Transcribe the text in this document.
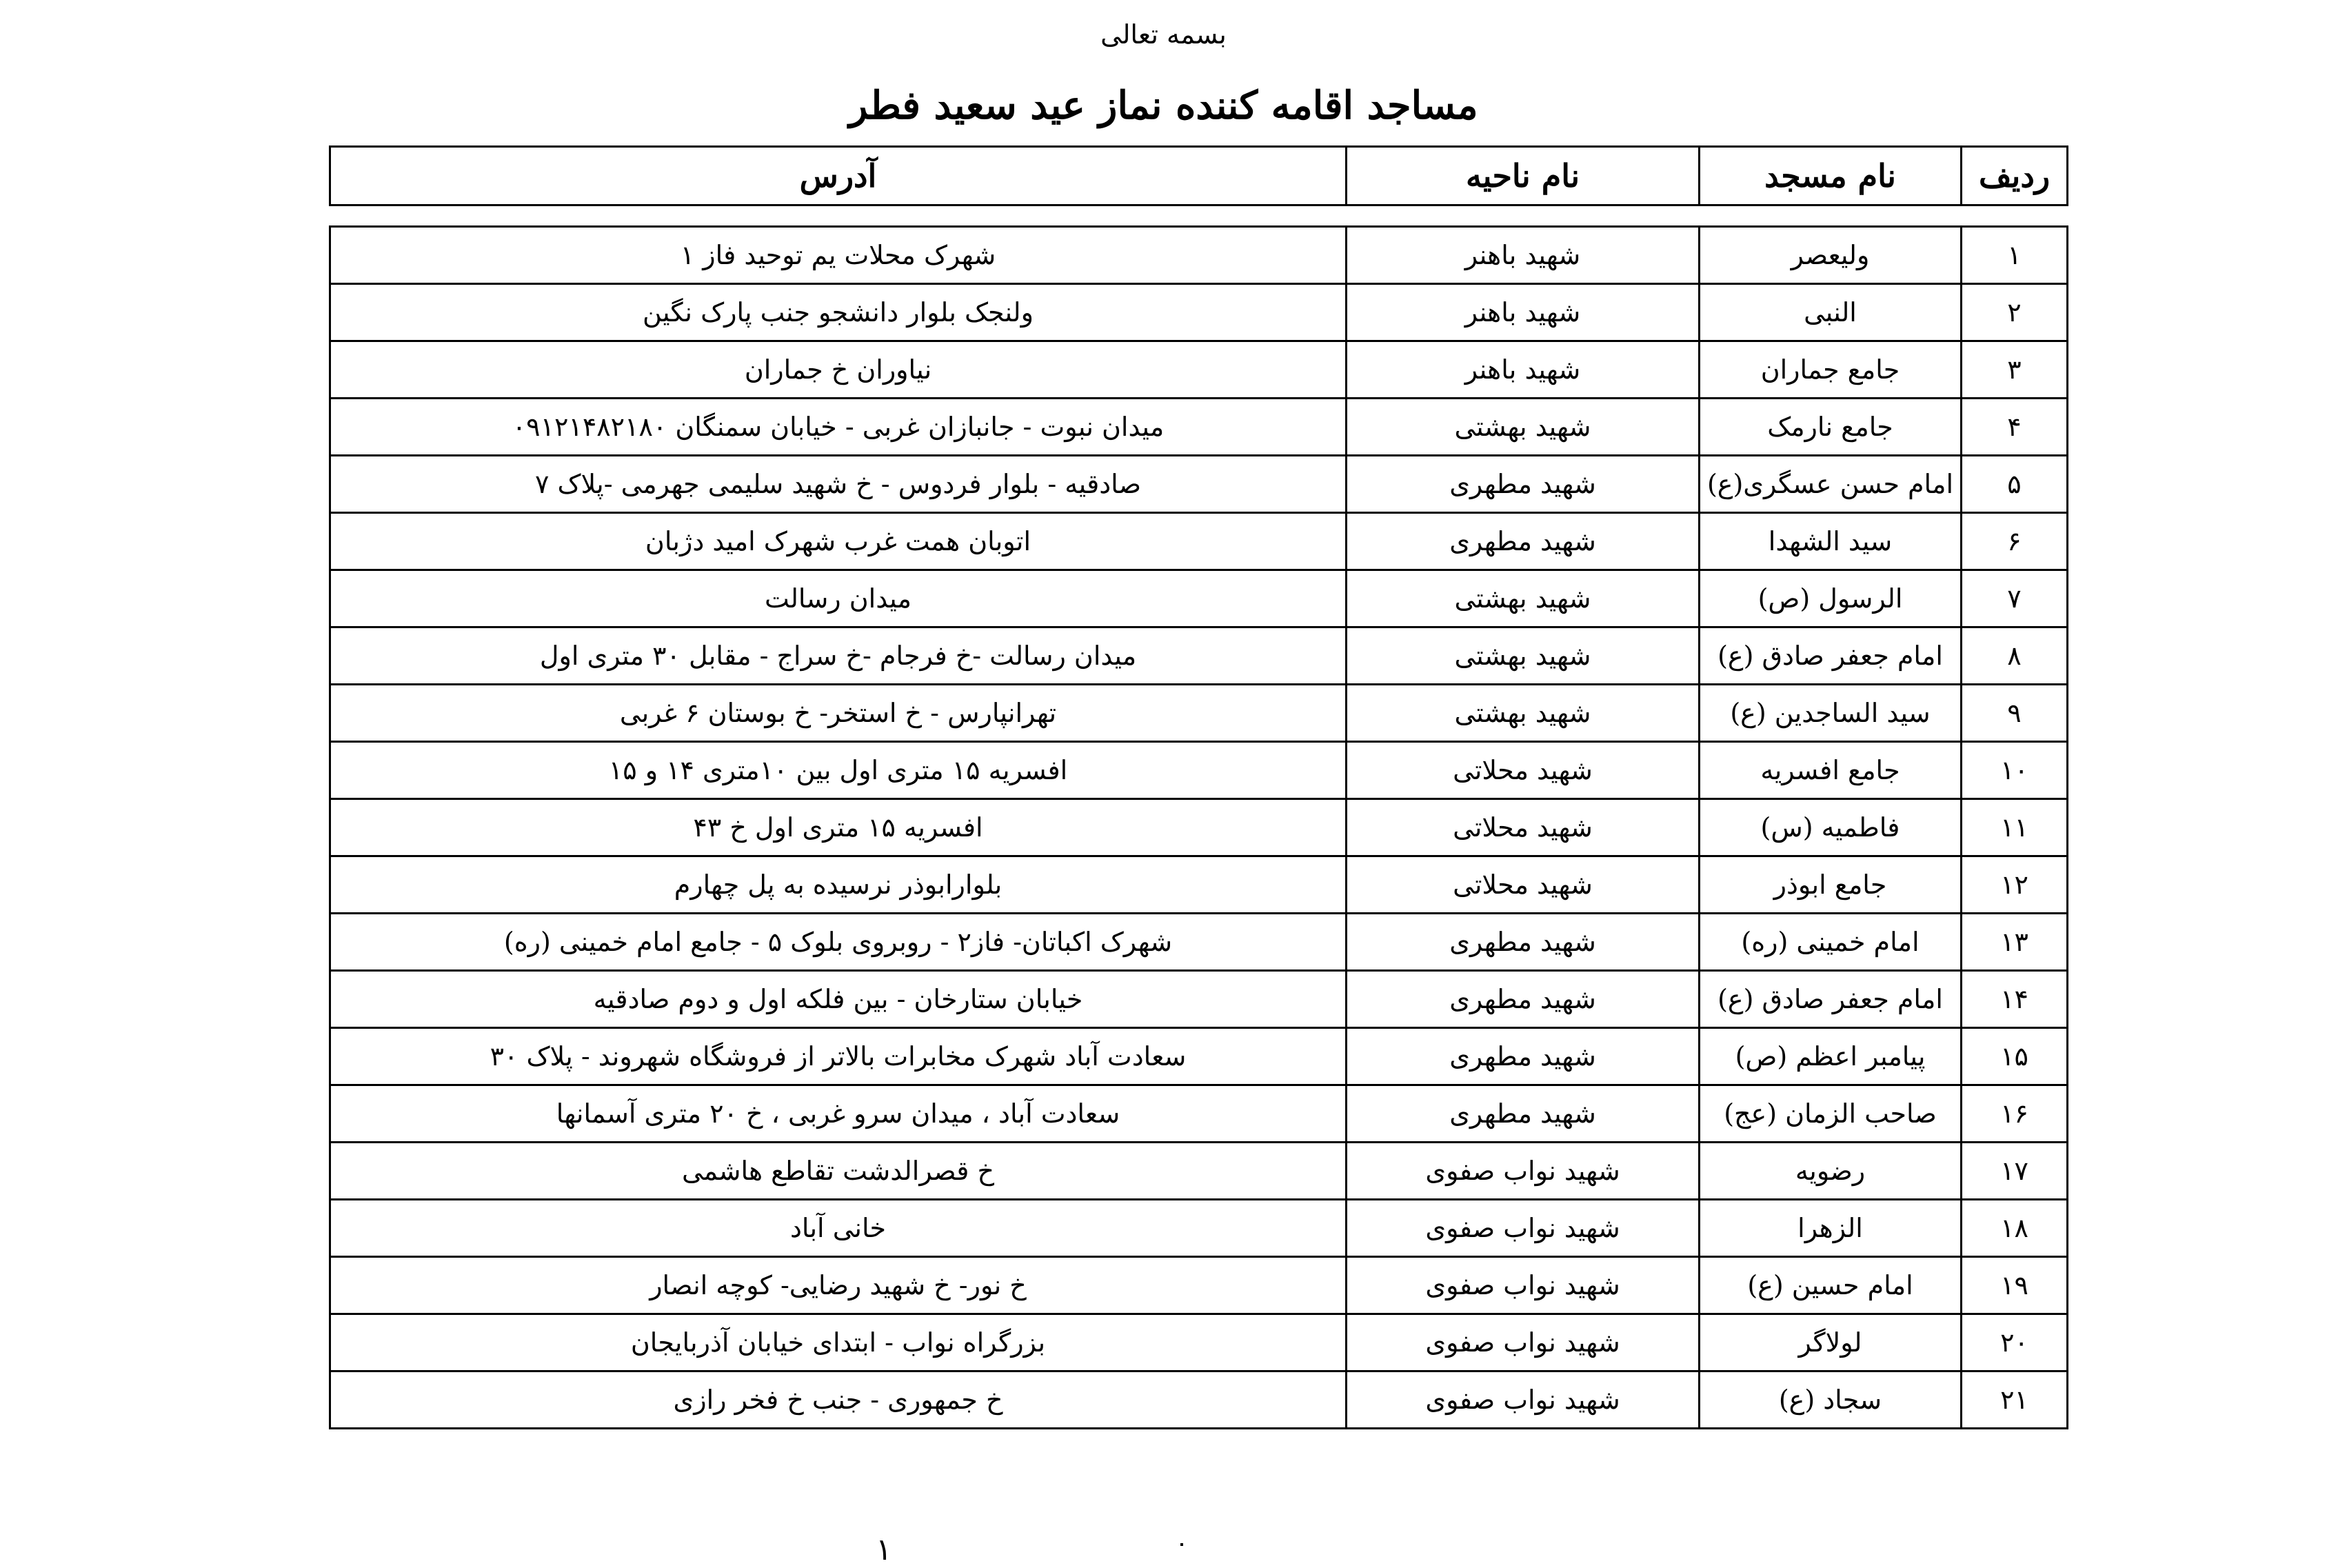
بسمه تعالی
مساجد اقامه کننده نماز عید سعید فطر
ردیف	نام مسجد	نام ناحیه	آدرس
۱	ولیعصر	شهید باهنر	شهرک محلات یم توحید فاز ۱
۲	النبی	شهید باهنر	ولنجک بلوار دانشجو جنب پارک نگین
۳	جامع جماران	شهید باهنر	نیاوران خ جماران
۴	جامع نارمک	شهید بهشتی	میدان نبوت - جانبازان غربی - خیابان سمنگان ۰۹۱۲۱۴۸۲۱۸۰
۵	امام حسن عسگری(ع)	شهید مطهری	صادقیه - بلوار فردوس - خ شهید سلیمی جهرمی -پلاک ۷
۶	سید الشهدا	شهید مطهری	اتوبان همت غرب شهرک امید دژبان
۷	الرسول (ص)	شهید بهشتی	میدان رسالت
۸	امام جعفر صادق (ع)	شهید بهشتی	میدان رسالت -خ فرجام -خ سراج - مقابل ۳۰ متری اول
۹	سید الساجدین (ع)	شهید بهشتی	تهرانپارس - خ استخر- خ بوستان ۶ غربی
۱۰	جامع افسریه	شهید محلاتی	افسریه ۱۵ متری اول بین ۱۰متری ۱۴ و ۱۵
۱۱	فاطمیه (س)	شهید محلاتی	افسریه ۱۵ متری اول خ ۴۳
۱۲	جامع ابوذر	شهید محلاتی	بلوارابوذر نرسیده به پل چهارم
۱۳	امام خمینی (ره)	شهید مطهری	شهرک اکباتان- فاز۲ - روبروی بلوک ۵ - جامع امام خمینی (ره)
۱۴	امام جعفر صادق (ع)	شهید مطهری	خیابان ستارخان - بین فلکه اول و دوم صادقیه
۱۵	پیامبر اعظم (ص)	شهید مطهری	سعادت آباد شهرک مخابرات بالاتر از فروشگاه شهروند - پلاک ۳۰
۱۶	صاحب الزمان (عج)	شهید مطهری	سعادت آباد ، میدان سرو غربی ، خ ۲۰ متری آسمانها
۱۷	رضویه	شهید نواب صفوی	خ قصرالدشت تقاطع هاشمی
۱۸	الزهرا	شهید نواب صفوی	خانی آباد
۱۹	امام حسین (ع)	شهید نواب صفوی	خ نور- خ شهید رضایی- کوچه انصار
۲۰	لولاگر	شهید نواب صفوی	بزرگراه نواب - ابتدای خیابان آذربایجان
۲۱	سجاد (ع)	شهید نواب صفوی	خ جمهوری - جنب خ فخر رازی
۱
